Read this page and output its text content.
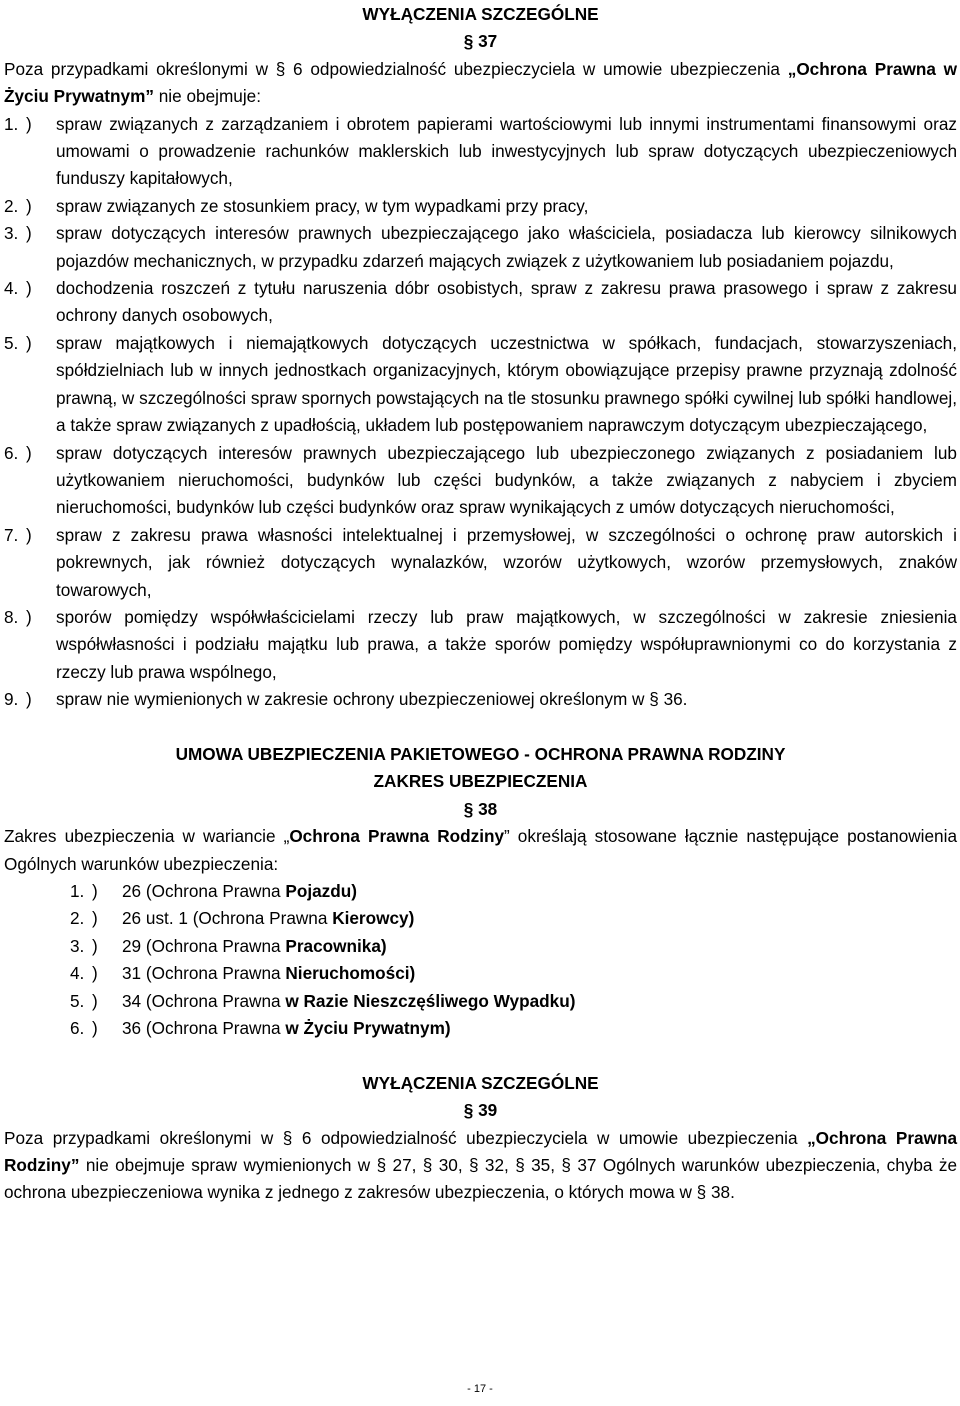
WYŁĄCZENIA SZCZEGÓLNE
§ 37

Poza przypadkami określonymi w § 6 odpowiedzialność ubezpieczyciela w umowie ubezpieczenia „Ochrona Prawna w Życiu Prywatnym” nie obejmuje:

1. )	spraw związanych z zarządzaniem i obrotem papierami wartościowymi lub innymi instrumentami finansowymi oraz umowami o prowadzenie rachunków maklerskich lub inwestycyjnych lub spraw dotyczących ubezpieczeniowych funduszy kapitałowych,
2. )	spraw związanych ze stosunkiem pracy, w tym wypadkami przy pracy,
3. )	spraw dotyczących interesów prawnych ubezpieczającego jako właściciela, posiadacza lub kierowcy silnikowych pojazdów mechanicznych, w przypadku zdarzeń mających związek z użytkowaniem lub posiadaniem pojazdu,
4. )	dochodzenia roszczeń z tytułu naruszenia dóbr osobistych, spraw z zakresu prawa prasowego i spraw z zakresu ochrony danych osobowych,
5. )	spraw majątkowych i niemajątkowych dotyczących uczestnictwa w spółkach, fundacjach, stowarzyszeniach, spółdzielniach lub w innych jednostkach organizacyjnych, którym obowiązujące przepisy prawne przyznają zdolność prawną, w szczególności spraw spornych powstających na tle stosunku prawnego spółki cywilnej lub spółki handlowej, a także spraw związanych z upadłością, układem lub postępowaniem naprawczym dotyczącym ubezpieczającego,
6. )	spraw dotyczących interesów prawnych ubezpieczającego lub ubezpieczonego związanych z posiadaniem lub użytkowaniem nieruchomości, budynków lub części budynków, a także związanych z nabyciem i zbyciem nieruchomości, budynków lub części budynków oraz spraw wynikających z umów dotyczących nieruchomości,
7. )	spraw z zakresu prawa własności intelektualnej i przemysłowej, w szczególności o ochronę praw autorskich i pokrewnych, jak również dotyczących wynalazków, wzorów użytkowych, wzorów przemysłowych, znaków towarowych,
8. )	sporów pomiędzy współwłaścicielami rzeczy lub praw majątkowych, w szczególności w zakresie zniesienia współwłasności i podziału majątku lub prawa, a także sporów pomiędzy współuprawnionymi co do korzystania z rzeczy lub prawa wspólnego,
9. )	spraw nie wymienionych w zakresie ochrony ubezpieczeniowej określonym w § 36.
UMOWA UBEZPIECZENIA PAKIETOWEGO - OCHRONA PRAWNA RODZINY
ZAKRES UBEZPIECZENIA
§ 38

Zakres ubezpieczenia w wariancie „Ochrona Prawna Rodziny” określają stosowane łącznie następujące postanowienia Ogólnych warunków ubezpieczenia:

1. )	26 (Ochrona Prawna Pojazdu)
2. )	26 ust. 1 (Ochrona Prawna Kierowcy)
3. )	29 (Ochrona Prawna Pracownika)
4. )	31 (Ochrona Prawna Nieruchomości)
5. )	34 (Ochrona Prawna w Razie Nieszczęśliwego Wypadku)
6. )	36 (Ochrona Prawna w Życiu Prywatnym)
WYŁĄCZENIA SZCZEGÓLNE
§ 39

Poza przypadkami określonymi w § 6 odpowiedzialność ubezpieczyciela w umowie ubezpieczenia „Ochrona Prawna Rodziny” nie obejmuje spraw wymienionych w § 27, § 30, § 32, § 35, § 37 Ogólnych warunków ubezpieczenia, chyba że ochrona ubezpieczeniowa wynika z jednego z zakresów ubezpieczenia, o których mowa w § 38.

- 17 -
